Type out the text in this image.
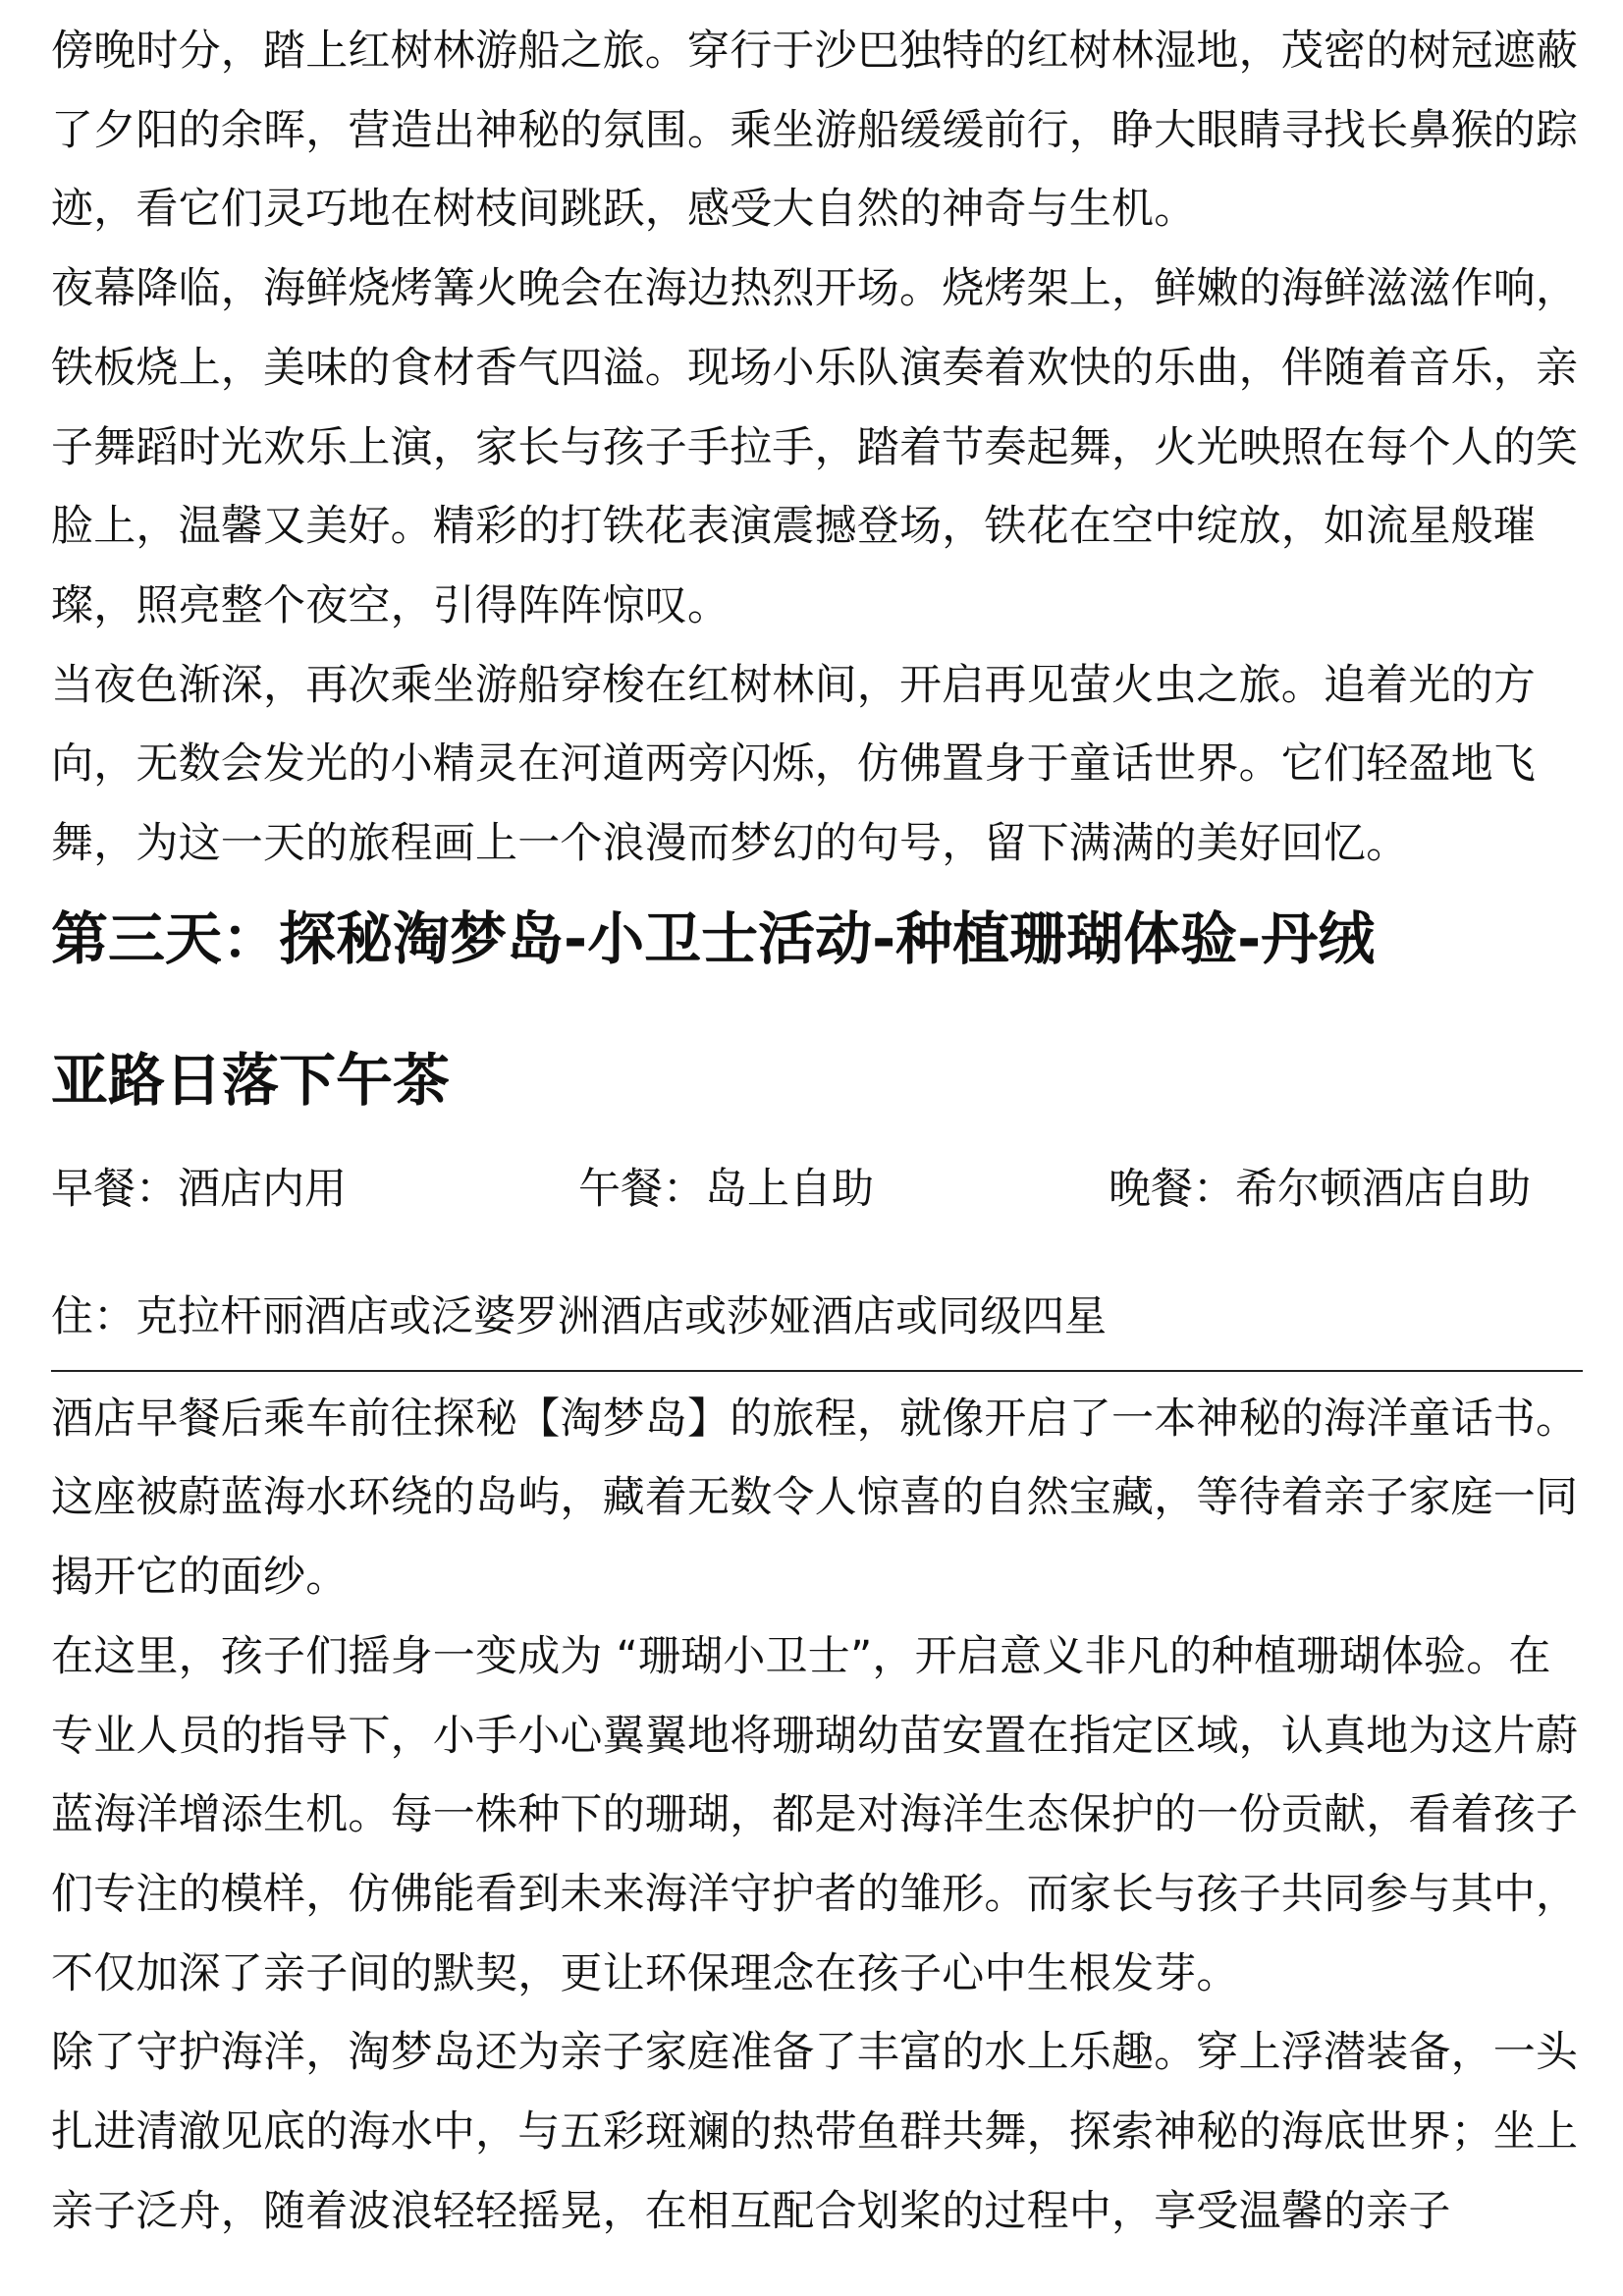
傍晚时分，踏上红树林游船之旅。穿行于沙巴独特的红树林湿地，茂密的树冠遮蔽了夕阳的余晖，营造出神秘的氛围。乘坐游船缓缓前行，睁大眼睛寻找长鼻猴的踪迹，看它们灵巧地在树枝间跳跃，感受大自然的神奇与生机。

夜幕降临，海鲜烧烤篝火晚会在海边热烈开场。烧烤架上，鲜嫩的海鲜滋滋作响，铁板烧上，美味的食材香气四溢。现场小乐队演奏着欢快的乐曲，伴随着音乐，亲子舞蹈时光欢乐上演，家长与孩子手拉手，踏着节奏起舞，火光映照在每个人的笑脸上，温馨又美好。精彩的打铁花表演震撼登场，铁花在空中绽放，如流星般璀璨，照亮整个夜空，引得阵阵惊叹。

当夜色渐深，再次乘坐游船穿梭在红树林间，开启再见萤火虫之旅。追着光的方向，无数会发光的小精灵在河道两旁闪烁，仿佛置身于童话世界。它们轻盈地飞舞，为这一天的旅程画上一个浪漫而梦幻的句号，留下满满的美好回忆。

第三天：探秘淘梦岛-小卫士活动-种植珊瑚体验-丹绒
亚路日落下午茶
早餐：酒店内用	午餐：岛上自助	晚餐：希尔顿酒店自助
住：克拉杆丽酒店或泛婆罗洲酒店或莎娅酒店或同级四星

酒店早餐后乘车前往探秘【淘梦岛】的旅程，就像开启了一本神秘的海洋童话书。这座被蔚蓝海水环绕的岛屿，藏着无数令人惊喜的自然宝藏，等待着亲子家庭一同揭开它的面纱。

在这里，孩子们摇身一变成为 “珊瑚小卫士”，开启意义非凡的种植珊瑚体验。在专业人员的指导下，小手小心翼翼地将珊瑚幼苗安置在指定区域，认真地为这片蔚蓝海洋增添生机。每一株种下的珊瑚，都是对海洋生态保护的一份贡献，看着孩子们专注的模样，仿佛能看到未来海洋守护者的雏形。而家长与孩子共同参与其中，不仅加深了亲子间的默契，更让环保理念在孩子心中生根发芽。

除了守护海洋，淘梦岛还为亲子家庭准备了丰富的水上乐趣。穿上浮潜装备，一头扎进清澈见底的海水中，与五彩斑斓的热带鱼群共舞，探索神秘的海底世界；坐上亲子泛舟，随着波浪轻轻摇晃，在相互配合划桨的过程中，享受温馨的亲子
